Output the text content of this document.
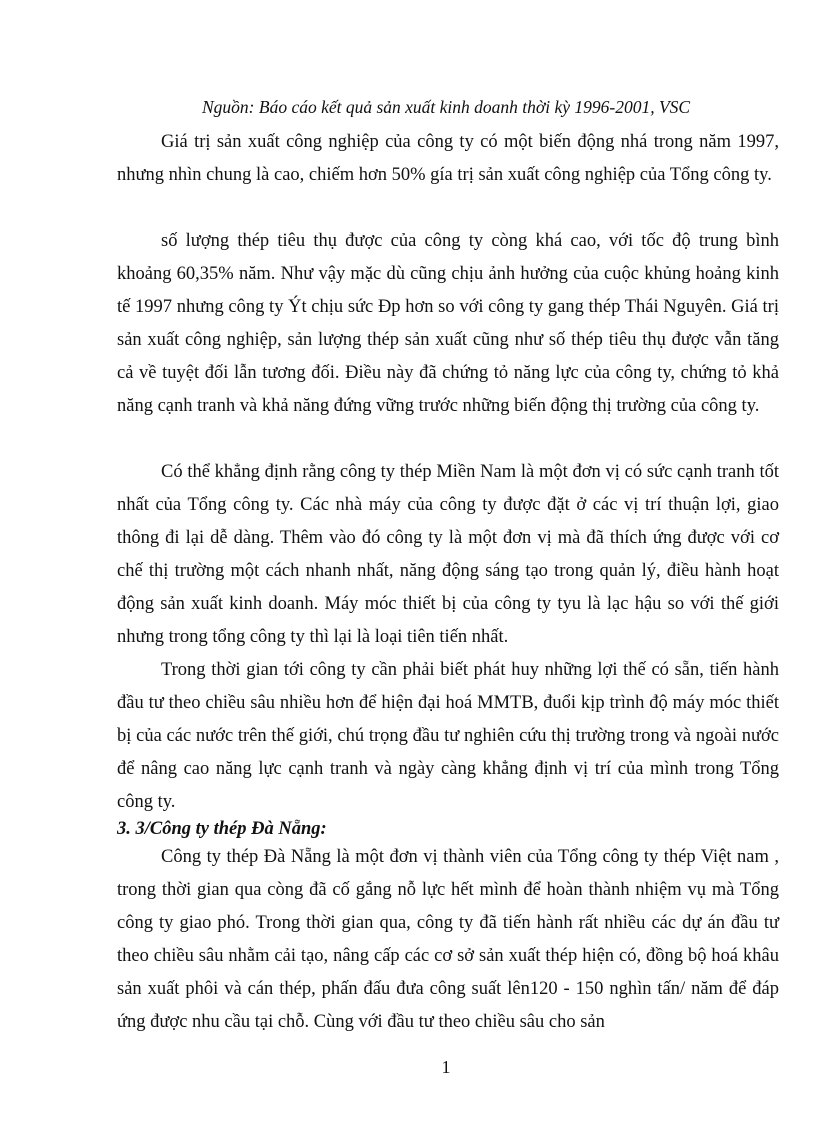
Nguồn: Báo cáo kết quả sản xuất kinh doanh thời kỳ 1996-2001, VSC

Giá trị sản xuất công nghiệp của công ty có một biến động nhá trong năm 1997, nhưng nhìn chung là cao, chiếm hơn 50% gía trị sản xuất công nghiệp của Tổng công ty.

số lượng thép tiêu thụ được của công ty còng khá cao, với tốc độ trung bình khoảng 60,35% năm. Như vậy mặc dù cũng chịu ảnh hưởng của cuộc khủng hoảng kinh tế 1997 nhưng công ty Ýt chịu sức Ðp hơn so với công ty gang thép Thái Nguyên. Giá trị sản xuất công nghiệp, sản lượng thép sản xuất cũng như số thép tiêu thụ được vẫn tăng cả về tuyệt đối lẫn tương đối. Điều này đã chứng tỏ năng lực của công ty, chứng tỏ khả năng cạnh tranh và khả năng đứng vững trước những biến động thị trường của công ty.

Có thể khẳng định rằng công ty thép Miền Nam là một đơn vị có sức cạnh tranh tốt nhất của Tổng công ty. Các nhà máy của công ty được đặt ở các vị trí thuận lợi, giao thông đi lại dễ dàng. Thêm vào đó công ty là một đơn vị mà đã thích ứng được với cơ chế thị trường một cách nhanh nhất, năng động sáng tạo trong quản lý, điều hành hoạt động sản xuất kinh doanh. Máy móc thiết bị của công ty tyu là lạc hậu so với thế giới nhưng trong tổng công ty thì lại là loại tiên tiến nhất.

Trong thời gian tới công ty cần phải biết phát huy những lợi thế có sẵn, tiến hành đầu tư theo chiều sâu nhiều hơn để hiện đại hoá MMTB, đuổi kịp trình độ máy móc thiết bị của các nước trên thế giới, chú trọng đầu tư nghiên cứu thị trường trong và ngoài nước để nâng cao năng lực cạnh tranh và ngày càng khẳng định vị trí của mình trong Tổng công ty.

3. 3/Công ty thép Đà Nẵng:

Công ty thép Đà Nẵng là một đơn vị thành viên của Tổng công ty thép Việt nam , trong thời gian qua còng đã cố gắng nỗ lực hết mình để hoàn thành nhiệm vụ mà Tổng công ty giao phó. Trong thời gian qua, công ty đã tiến hành rất nhiều các dự án đầu tư theo chiều sâu nhằm cải tạo, nâng cấp các cơ sở sản xuất thép hiện có, đồng bộ hoá khâu sản xuất phôi và cán thép, phấn đấu đưa công suất lên120 - 150 nghìn tấn/ năm để đáp ứng được nhu cầu tại chỗ. Cùng với đầu tư theo chiều sâu cho sản

1
